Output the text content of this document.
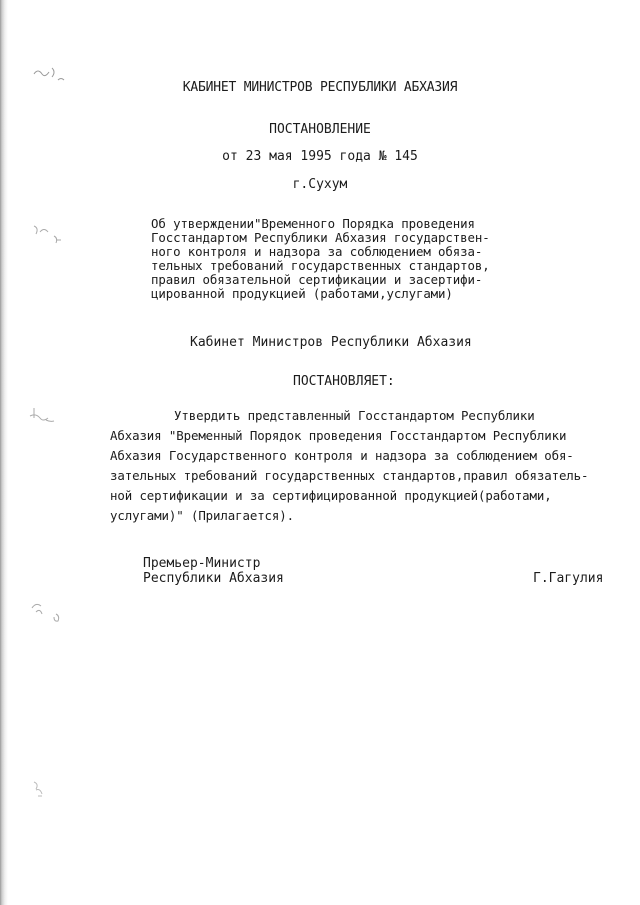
КАБИНЕТ МИНИСТРОВ РЕСПУБЛИКИ АБХАЗИЯ
ПОСТАНОВЛЕНИЕ
от 23 мая 1995 года № 145
г.Сухум
Об утверждении"Временного Порядка проведения
Госстандартом Республики Абхазия государствен-
ного контроля и надзора за соблюдением обяза-
тельных требований государственных стандартов,
правил обязательной сертификации и засертифи-
цированной продукцией (работами,услугами)
Кабинет Министров Республики Абхазия
ПОСТАНОВЛЯЕТ:
Утвердить представленный Госстандартом Республики
Абхазия "Временный Порядок проведения Госстандартом Республики
Абхазия Государственного контроля и надзора за соблюдением обя-
зательных требований государственных стандартов,правил обязатель-
ной сертификации и за сертифицированной продукцией(работами,
услугами)" (Прилагается).
Премьер-Министр
Республики Абхазия	Г.Гагулия
